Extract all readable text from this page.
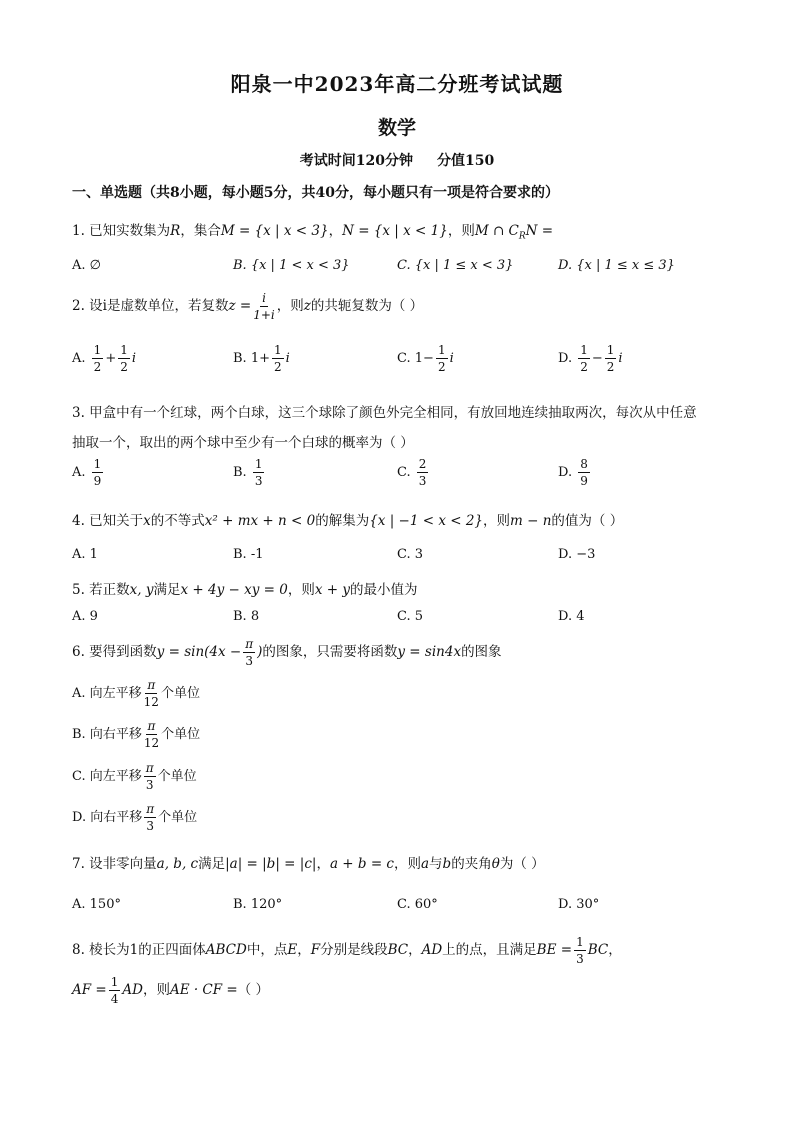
阳泉一中2023年高二分班考试试题
数学
考试时间120分钟 分值150
一、单选题（共8小题，每小题5分，共40分，每小题只有一项是符合要求的）
1. 已知实数集为R，集合M = {x | x < 3}，N = {x | x < 1}，则M ∩ $C_RN$ =
A. ∅	B. {x | 1 < x < 3}	C. {x | 1 ≤ x < 3}	D. {x | 1 ≤ x ≤ 3}
2. 设i是虚数单位，若复数$z = \frac{i}{1+i}$ ，则z的共轭复数为（ ）
A. $\frac{1}{2} + \frac{1}{2}$ i	B. $1+ \frac{1}{2}$ i	C. $1- \frac{1}{2}$ i	D. $\frac{1}{2} - \frac{1}{2}$ i
3. 甲盒中有一个红球，两个白球，这三个球除了颜色外完全相同，有放回地连续抽取两次，每次从中任意
抽取一个，取出的两个球中至少有一个白球的概率为（ ）
A. $\frac{1}{9}$	B. $\frac{1}{3}$	C. $\frac{2}{3}$	D. $\frac{8}{9}$
4. 已知关于x的不等式x² + mx + n < 0的解集为{x | −1 < x < 2}，则m − n的值为（ ）
A. 1	B. -1	C. 3	D. −3
5. 若正数x, y满足x + 4y − xy = 0，则x + y的最小值为
A. 9	B. 8	C. 5	D. 4
6. 要得到函数$y = \sin(4x - \frac{\pi}{3}$ )的图象，只需要将函数y = sin4x的图象
A. 向左平移 $\frac{\pi}{12}$ 个单位
B. 向右平移 $\frac{\pi}{12}$ 个单位
C. 向左平移 $\frac{\pi}{3}$ 个单位
D. 向右平移 $\frac{\pi}{3}$ 个单位
7. 设非零向量a, b, c满足|a| = |b| = |c|，a + b = c，则a与b的夹角θ为（ ）
A. 150°	B. 120°	C. 60°	D. 30°
8. 棱长为1的正四面体ABCD中，点E，F分别是线段BC，AD上的点，且满足BE = $\frac{1}{3}$ BC，
AF = $\frac{1}{4}$ AD，则AE · CF =（ ）
